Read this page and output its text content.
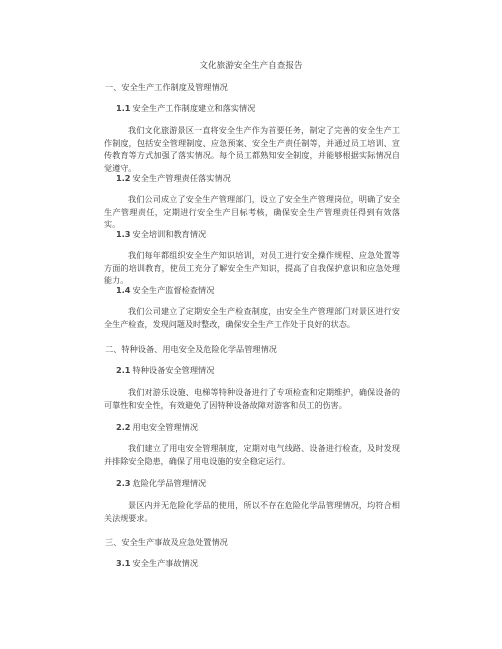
文化旅游安全生产自查报告
一、安全生产工作制度及管理情况
1.1 安全生产工作制度建立和落实情况

我们文化旅游景区一直将安全生产作为首要任务，制定了完善的安全生产工作制度，包括安全管理制度、应急预案、安全生产责任制等，并通过员工培训、宣传教育等方式加强了落实情况。每个员工都熟知安全制度，并能够根据实际情况自觉遵守。

1.2 安全生产管理责任落实情况

我们公司成立了安全生产管理部门，设立了安全生产管理岗位，明确了安全生产管理责任，定期进行安全生产目标考核，确保安全生产管理责任得到有效落实。

1.3 安全培训和教育情况

我们每年都组织安全生产知识培训，对员工进行安全操作规程、应急处置等方面的培训教育，使员工充分了解安全生产知识，提高了自我保护意识和应急处理能力。

1.4 安全生产监督检查情况

我们公司建立了定期安全生产检查制度，由安全生产管理部门对景区进行安全生产检查，发现问题及时整改，确保安全生产工作处于良好的状态。

二、特种设备、用电安全及危险化学品管理情况
2.1 特种设备安全管理情况

我们对游乐设施、电梯等特种设备进行了专项检查和定期维护，确保设备的可靠性和安全性，有效避免了因特种设备故障对游客和员工的伤害。

2.2 用电安全管理情况

我们建立了用电安全管理制度，定期对电气线路、设备进行检查，及时发现并排除安全隐患，确保了用电设施的安全稳定运行。

2.3 危险化学品管理情况

景区内并无危险化学品的使用，所以不存在危险化学品管理情况，均符合相关法规要求。

三、安全生产事故及应急处置情况
3.1 安全生产事故情况
